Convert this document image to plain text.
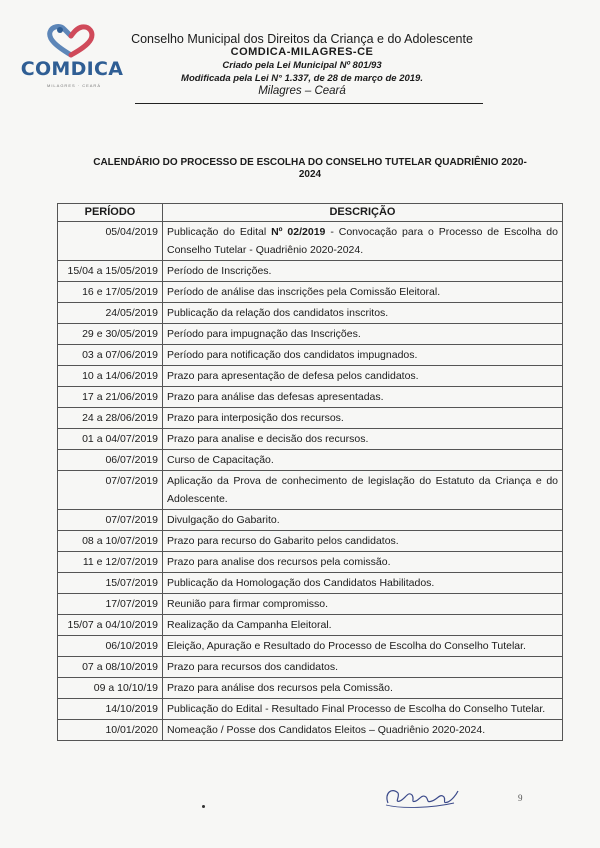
COMDICA
MILAGRES · CEARÁ
Conselho Municipal dos Direitos da Criança e do Adolescente
COMDICA-MILAGRES-CE
Criado pela Lei Municipal Nº 801/93
Modificada pela Lei N° 1.337, de 28 de março de 2019.
Milagres – Ceará
CALENDÁRIO DO PROCESSO DE ESCOLHA DO CONSELHO TUTELAR QUADRIÊNIO 2020-2024
PERÍODO	DESCRIÇÃO
05/04/2019	Publicação do Edital Nº 02/2019 - Convocação para o Processo de Escolha do Conselho Tutelar - Quadriênio 2020-2024.
15/04 a 15/05/2019	Período de Inscrições.
16 e 17/05/2019	Período de análise das inscrições pela Comissão Eleitoral.
24/05/2019	Publicação da relação dos candidatos inscritos.
29 e 30/05/2019	Período para impugnação das Inscrições.
03 a 07/06/2019	Período para notificação dos candidatos impugnados.
10 a 14/06/2019	Prazo para apresentação de defesa pelos candidatos.
17 a 21/06/2019	Prazo para análise das defesas apresentadas.
24 a 28/06/2019	Prazo para interposição dos recursos.
01 a 04/07/2019	Prazo para analise e decisão dos recursos.
06/07/2019	Curso de Capacitação.
07/07/2019	Aplicação da Prova de conhecimento de legislação do Estatuto da Criança e do Adolescente.
07/07/2019	Divulgação do Gabarito.
08 a 10/07/2019	Prazo para recurso do Gabarito pelos candidatos.
11 e 12/07/2019	Prazo para analise dos recursos pela comissão.
15/07/2019	Publicação da Homologação dos Candidatos Habilitados.
17/07/2019	Reunião para firmar compromisso.
15/07 a 04/10/2019	Realização da Campanha Eleitoral.
06/10/2019	Eleição, Apuração e Resultado do Processo de Escolha do Conselho Tutelar.
07 a 08/10/2019	Prazo para recursos dos candidatos.
09 a 10/10/19	Prazo para análise dos recursos pela Comissão.
14/10/2019	Publicação do Edital - Resultado Final Processo de Escolha do Conselho Tutelar.
10/01/2020	Nomeação / Posse dos Candidatos Eleitos – Quadriênio 2020-2024.
9
